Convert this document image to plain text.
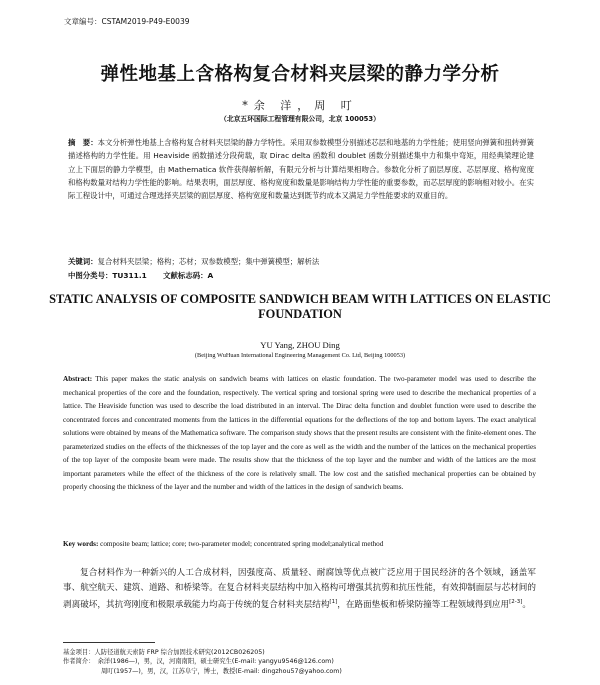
文章编号：CSTAM2019-P49-E0039
弹性地基上含格构复合材料夹层梁的静力学分析
*余 洋，周 叮
（北京五环国际工程管理有限公司，北京 100053）
摘　要：本文分析弹性地基上含格构复合材料夹层梁的静力学特性。采用双参数模型分别描述芯层和地基的力学性能；使用竖向弹簧和扭转弹簧描述格构的力学性能。用 Heaviside 函数描述分段荷载，取 Dirac delta 函数和 doublet 函数分别描述集中力和集中弯矩，用经典梁理论建立上下面层的静力学模型，由 Mathematica 软件获得解析解，有限元分析与计算结果相吻合。参数化分析了面层厚度、芯层厚度、格构宽度和格构数量对结构力学性能的影响。结果表明，面层厚度、格构宽度和数量是影响结构力学性能的重要参数，而芯层厚度的影响相对较小。在实际工程设计中，可通过合理选择夹层梁的面层厚度、格构宽度和数量达到既节约成本又满足力学性能要求的双重目的。
关键词：复合材料夹层梁；格构；芯材；双参数模型；集中弹簧模型；解析法
中图分类号：TU311.1 文献标志码：A
STATIC ANALYSIS OF COMPOSITE SANDWICH BEAM WITH LATTICES ON ELASTIC FOUNDATION
YU Yang, ZHOU Ding
(Beijing WuHuan International Engineering Management Co. Ltd, Beijing 100053)
Abstract: This paper makes the static analysis on sandwich beams with lattices on elastic foundation. The two-parameter model was used to describe the mechanical properties of the core and the foundation, respectively. The vertical spring and torsional spring were used to describe the mechanical properties of a lattice. The Heaviside function was used to describe the load distributed in an interval. The Dirac delta function and doublet function were used to describe the concentrated forces and concentrated moments from the lattices in the differential equations for the deflections of the top and bottom layers. The exact analytical solutions were obtained by means of the Mathematica software. The comparison study shows that the present results are consistent with the finite-element ones. The parameterized studies on the effects of the thicknesses of the top layer and the core as well as the width and the number of the lattices on the mechanical properties of the top layer of the composite beam were made. The results show that the thickness of the top layer and the number and width of the lattices are the most important parameters while the effect of the thickness of the core is relatively small. The low cost and the satisfied mechanical properties can be obtained by properly choosing the thickness of the layer and the number and width of the lattices in the design of sandwich beams.
Key words: composite beam; lattice; core; two-parameter model; concentrated spring model;analytical method
复合材料作为一种新兴的人工合成材料，因强度高、质量轻、耐腐蚀等优点被广泛应用于国民经济的各个领域，涵盖军事、航空航天、建筑、道路、和桥梁等。在复合材料夹层结构中加入格构可增强其抗剪和抗压性能，有效抑制面层与芯材间的剥离破坏，其抗弯刚度和极限承载能力均高于传统的复合材料夹层结构[1]，在路面垫板和桥梁防撞等工程领域得到应用[2-3]。
基金项目：人防径道航天索防 FRP 综合加固技术研究(2012CB026205)
作者简介：　余洋(1986—)，男，汉，河南南阳，硕士研究生(E-mail: yangyu9546@126.com)
周叮(1957—)，男，汉，江苏阜宁，博士，教授(E-mail: dingzhou57@yahoo.com)
